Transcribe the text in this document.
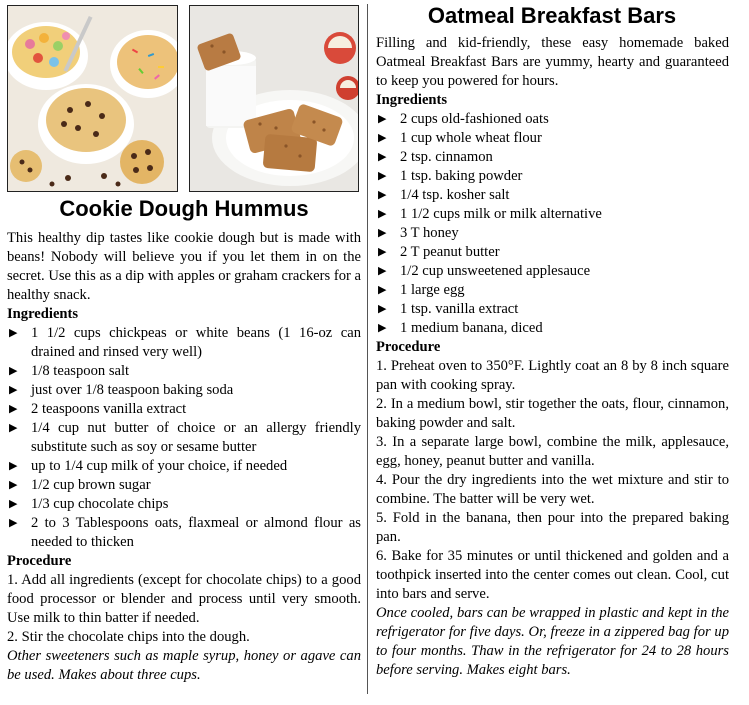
Cookie Dough Hummus

This healthy dip tastes like cookie dough but is made with beans! Nobody will believe you if you let them in on the secret. Use this as a dip with apples or graham crackers for a healthy snack.

Ingredients

▶ 1 1/2 cups chickpeas or white beans (1 16-oz can drained and rinsed very well)
▶ 1/8 teaspoon salt
▶ just over 1/8 teaspoon baking soda
▶ 2 teaspoons vanilla extract
▶ 1/4 cup nut butter of choice or an allergy friendly substitute such as soy or sesame butter
▶ up to 1/4 cup milk of your choice, if needed
▶ 1/2 cup brown sugar
▶ 1/3 cup chocolate chips
▶ 2 to 3 Tablespoons oats, flaxmeal or almond flour as needed to thicken

Procedure

1. Add all ingredients (except for chocolate chips) to a good food processor or blender and process until very smooth. Use milk to thin batter if needed.

2. Stir the chocolate chips into the dough.

Other sweeteners such as maple syrup, honey or agave can be used. Makes about three cups.

Oatmeal Breakfast Bars

Filling and kid-friendly, these easy homemade baked Oatmeal Breakfast Bars are yummy, hearty and guaranteed to keep you powered for hours.

Ingredients

▶ 2 cups old-fashioned oats
▶ 1 cup whole wheat flour
▶ 2 tsp. cinnamon
▶ 1 tsp. baking powder
▶ 1/4 tsp. kosher salt
▶ 1 1/2 cups milk or milk alternative
▶ 3 T honey
▶ 2 T peanut butter
▶ 1/2 cup unsweetened applesauce
▶ 1 large egg
▶ 1 tsp. vanilla extract
▶ 1 medium banana, diced

Procedure

1. Preheat oven to 350°F. Lightly coat an 8 by 8 inch square pan with cooking spray.

2. In a medium bowl, stir together the oats, flour, cinnamon, baking powder and salt.

3. In a separate large bowl, combine the milk, applesauce, egg, honey, peanut butter and vanilla.

4. Pour the dry ingredients into the wet mixture and stir to combine. The batter will be very wet.

5. Fold in the banana, then pour into the prepared baking pan.

6. Bake for 35 minutes or until thickened and golden and a toothpick inserted into the center comes out clean. Cool, cut into bars and serve.

Once cooled, bars can be wrapped in plastic and kept in the refrigerator for five days. Or, freeze in a zippered bag for up to four months. Thaw in the refrigerator for 24 to 28 hours before serving. Makes eight bars.
